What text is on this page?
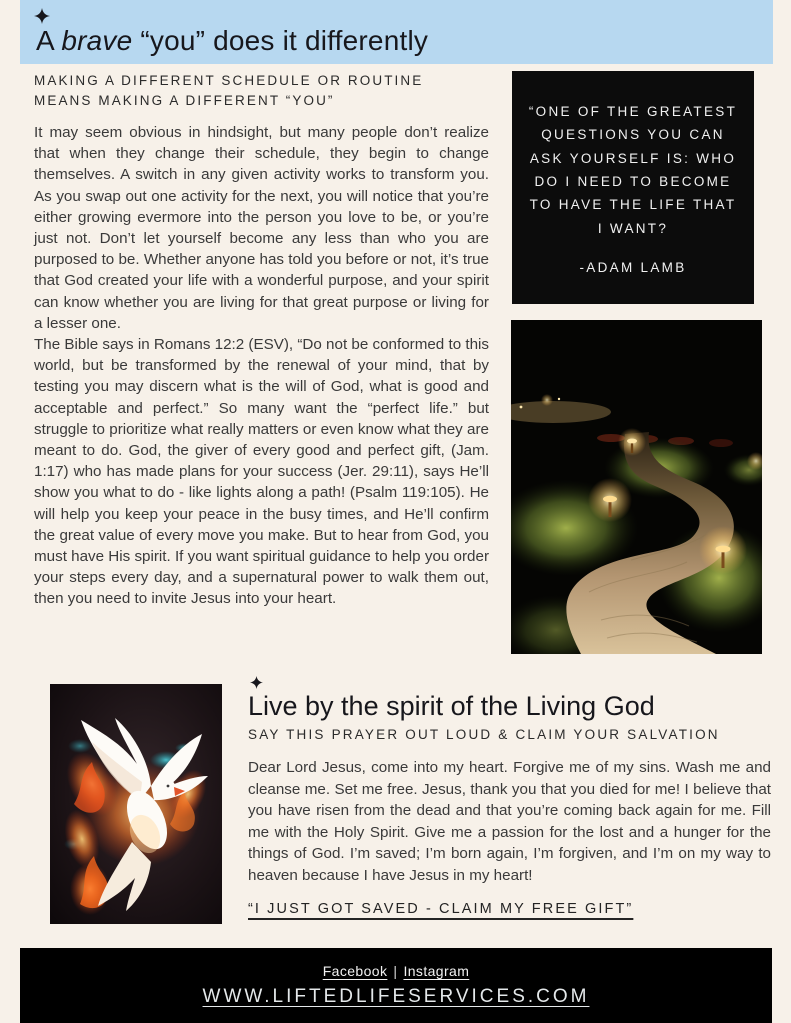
A brave “you” does it differently
MAKING A DIFFERENT SCHEDULE OR ROUTINE
MEANS MAKING A DIFFERENT “YOU”

It may seem obvious in hindsight, but many people don’t realize that when they change their schedule, they begin to change themselves. A switch in any given activity works to transform you. As you swap out one activity for the next, you will notice that you’re either growing evermore into the person you love to be, or you’re just not. Don’t let yourself become any less than who you are purposed to be. Whether anyone has told you before or not, it’s true that God created your life with a wonderful purpose, and your spirit can know whether you are living for that great purpose or living for a lesser one.

The Bible says in Romans 12:2 (ESV), “Do not be conformed to this world, but be transformed by the renewal of your mind, that by testing you may discern what is the will of God, what is good and acceptable and perfect.” So many want the “perfect life.” but struggle to prioritize what really matters or even know what they are meant to do. God, the giver of every good and perfect gift, (Jam. 1:17) who has made plans for your success (Jer. 29:11), says He’ll show you what to do - like lights along a path! (Psalm 119:105). He will help you keep your peace in the busy times, and He’ll confirm the great value of every move you make. But to hear from God, you must have His spirit. If you want spiritual guidance to help you order your steps every day, and a supernatural power to walk them out, then you need to invite Jesus into your heart.

“ONE OF THE GREATEST QUESTIONS YOU CAN ASK YOURSELF IS: WHO DO I NEED TO BECOME TO HAVE THE LIFE THAT I WANT?
-ADAM LAMB
Live by the spirit of the Living God
SAY THIS PRAYER OUT LOUD & CLAIM YOUR SALVATION

Dear Lord Jesus, come into my heart. Forgive me of my sins. Wash me and cleanse me. Set me free. Jesus, thank you that you died for me! I believe that you have risen from the dead and that you’re coming back again for me. Fill me with the Holy Spirit. Give me a passion for the lost and a hunger for the things of God. I’m saved; I’m born again, I’m forgiven, and I’m on my way to heaven because I have Jesus in my heart!

“I JUST GOT SAVED - CLAIM MY FREE GIFT”
Facebook | Instagram
WWW.LIFTEDLIFESERVICES.COM
